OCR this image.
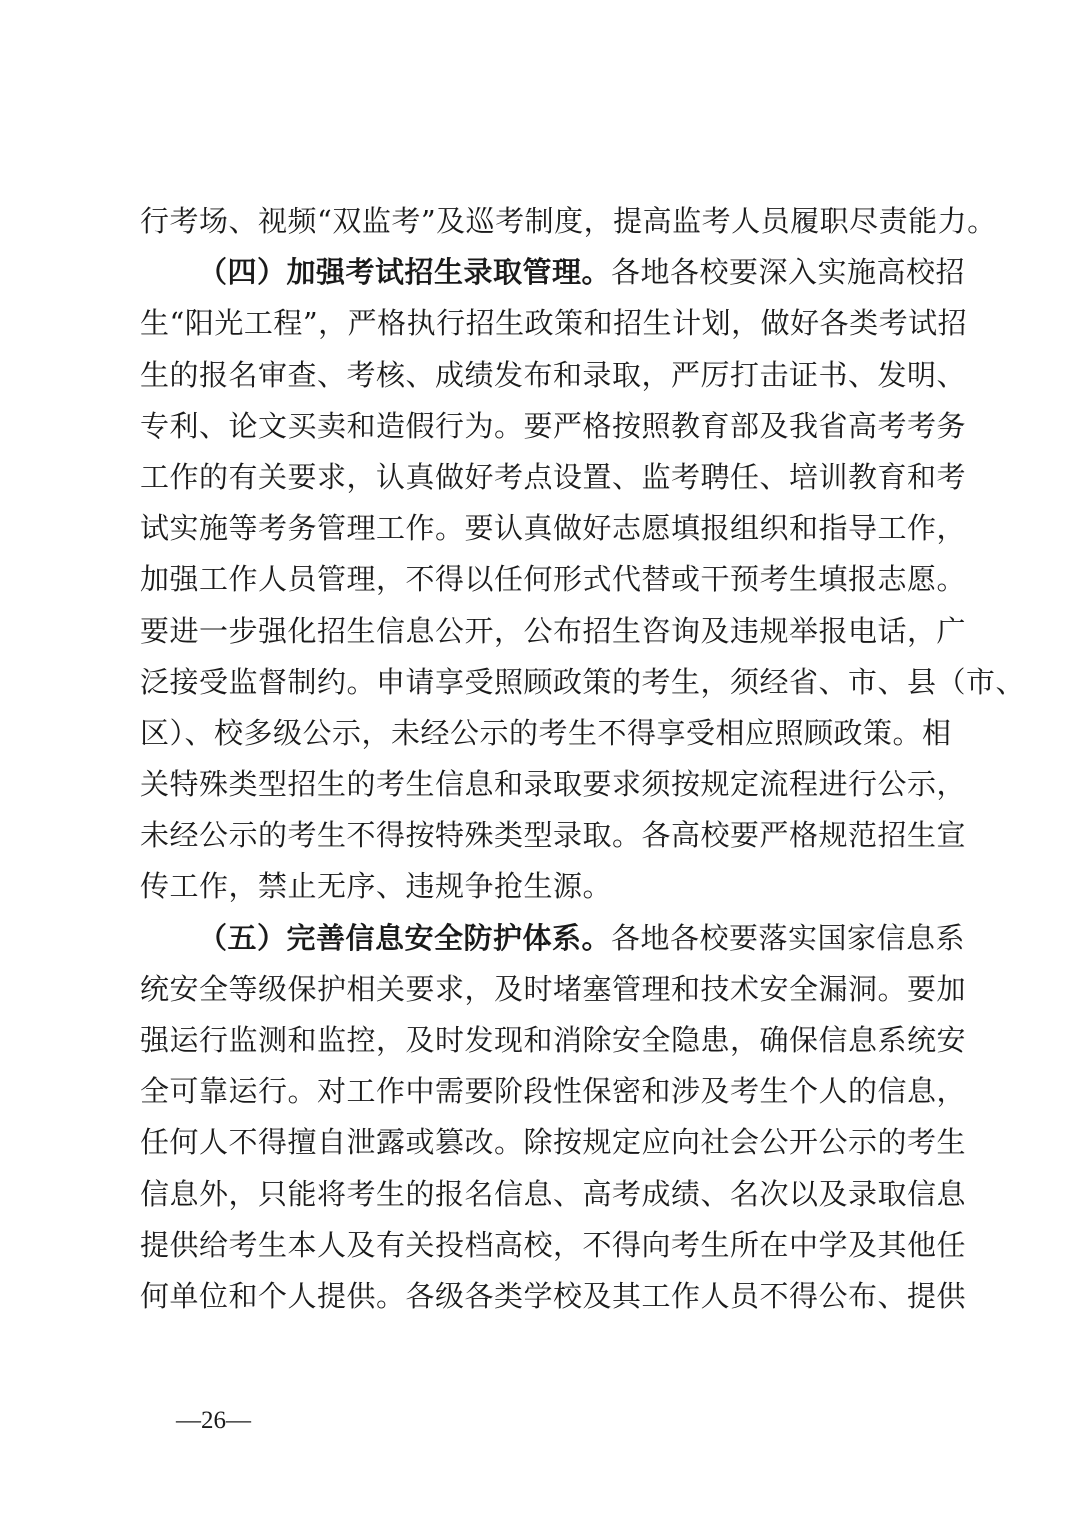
行考场、视频“双监考”及巡考制度，提高监考人员履职尽责能力。
（四）加强考试招生录取管理。各地各校要深入实施高校招
生“阳光工程”，严格执行招生政策和招生计划，做好各类考试招
生的报名审查、考核、成绩发布和录取，严厉打击证书、发明、
专利、论文买卖和造假行为。要严格按照教育部及我省高考考务
工作的有关要求，认真做好考点设置、监考聘任、培训教育和考
试实施等考务管理工作。要认真做好志愿填报组织和指导工作，
加强工作人员管理，不得以任何形式代替或干预考生填报志愿。
要进一步强化招生信息公开，公布招生咨询及违规举报电话，广
泛接受监督制约。申请享受照顾政策的考生，须经省、市、县（市、
区）、校多级公示，未经公示的考生不得享受相应照顾政策。相
关特殊类型招生的考生信息和录取要求须按规定流程进行公示，
未经公示的考生不得按特殊类型录取。各高校要严格规范招生宣
传工作，禁止无序、违规争抢生源。
（五）完善信息安全防护体系。各地各校要落实国家信息系
统安全等级保护相关要求，及时堵塞管理和技术安全漏洞。要加
强运行监测和监控，及时发现和消除安全隐患，确保信息系统安
全可靠运行。对工作中需要阶段性保密和涉及考生个人的信息，
任何人不得擅自泄露或篡改。除按规定应向社会公开公示的考生
信息外，只能将考生的报名信息、高考成绩、名次以及录取信息
提供给考生本人及有关投档高校，不得向考生所在中学及其他任
何单位和个人提供。各级各类学校及其工作人员不得公布、提供
—26—
